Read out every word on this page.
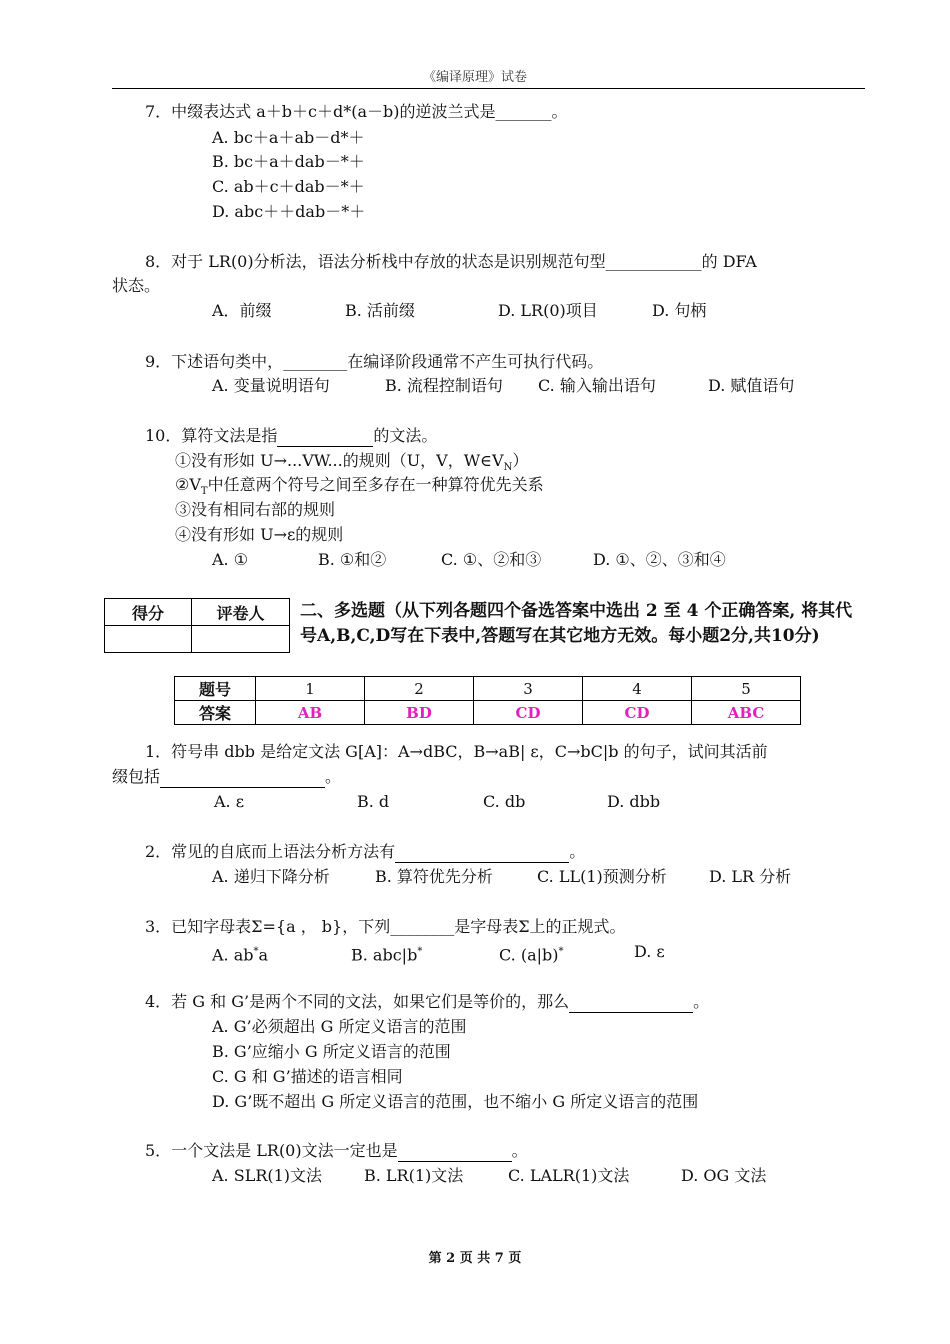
《编译原理》试卷
7．中缀表达式 a＋b＋c＋d*(a－b)的逆波兰式是_______。
A. bc＋a＋ab－d*＋
B. bc＋a＋dab－*＋
C. ab＋c＋dab－*＋
D. abc＋＋dab－*＋
8．对于 LR(0)分析法，语法分析栈中存放的状态是识别规范句型____________的 DFA
状态。
A．前缀	B. 活前缀	D. LR(0)项目	D. 句柄
9．下述语句类中，________在编译阶段通常不产生可执行代码。
A. 变量说明语句	B. 流程控制语句 C. 输入输出语句	D. 赋值语句
10．算符文法是指	的文法。
①没有形如 U→...VW...的规则（U，V，$W\in V_N$）
$②V_T$中任意两个符号之间至多存在一种算符优先关系
③没有相同右部的规则
④没有形如 U→ε的规则
A. ①	B. ①和②	C. ①、②和③	D. ①、②、③和④
得分	评卷人
	二、多选题（从下列各题四个备选答案中选出 2 至 4 个正确答案, 将其代号A,B,C,D写在下表中,答题写在其它地方无效。每小题2分,共10分)
题号	1	2	3	4	5
答案	AB	BD	CD	CD	ABC
1．符号串 dbb 是给定文法 G[A]：A→dBC，B→aB| ε，C→bC|b 的句子，试问其活前
缀包括	。
A. ε	B. d	C. db	D. dbb
2．常见的自底而上语法分析方法有	。
A. 递归下降分析	B. 算符优先分析	C. LL(1)预测分析	D. LR 分析
3．已知字母表Σ={a ， b}，下列________是字母表Σ上的正规式。
A. ab*a	B. abc|b*	C. (a|b)*	D. ε
4．若 G 和 G’是两个不同的文法，如果它们是等价的，那么	。
A. G’必须超出 G 所定义语言的范围
B. G’应缩小 G 所定义语言的范围
C. G 和 G’描述的语言相同
D. G’既不超出 G 所定义语言的范围，也不缩小 G 所定义语言的范围
5．一个文法是 LR(0)文法一定也是	。
A. SLR(1)文法	B. LR(1)文法	C. LALR(1)文法	D. OG 文法
第 2 页 共 7 页
